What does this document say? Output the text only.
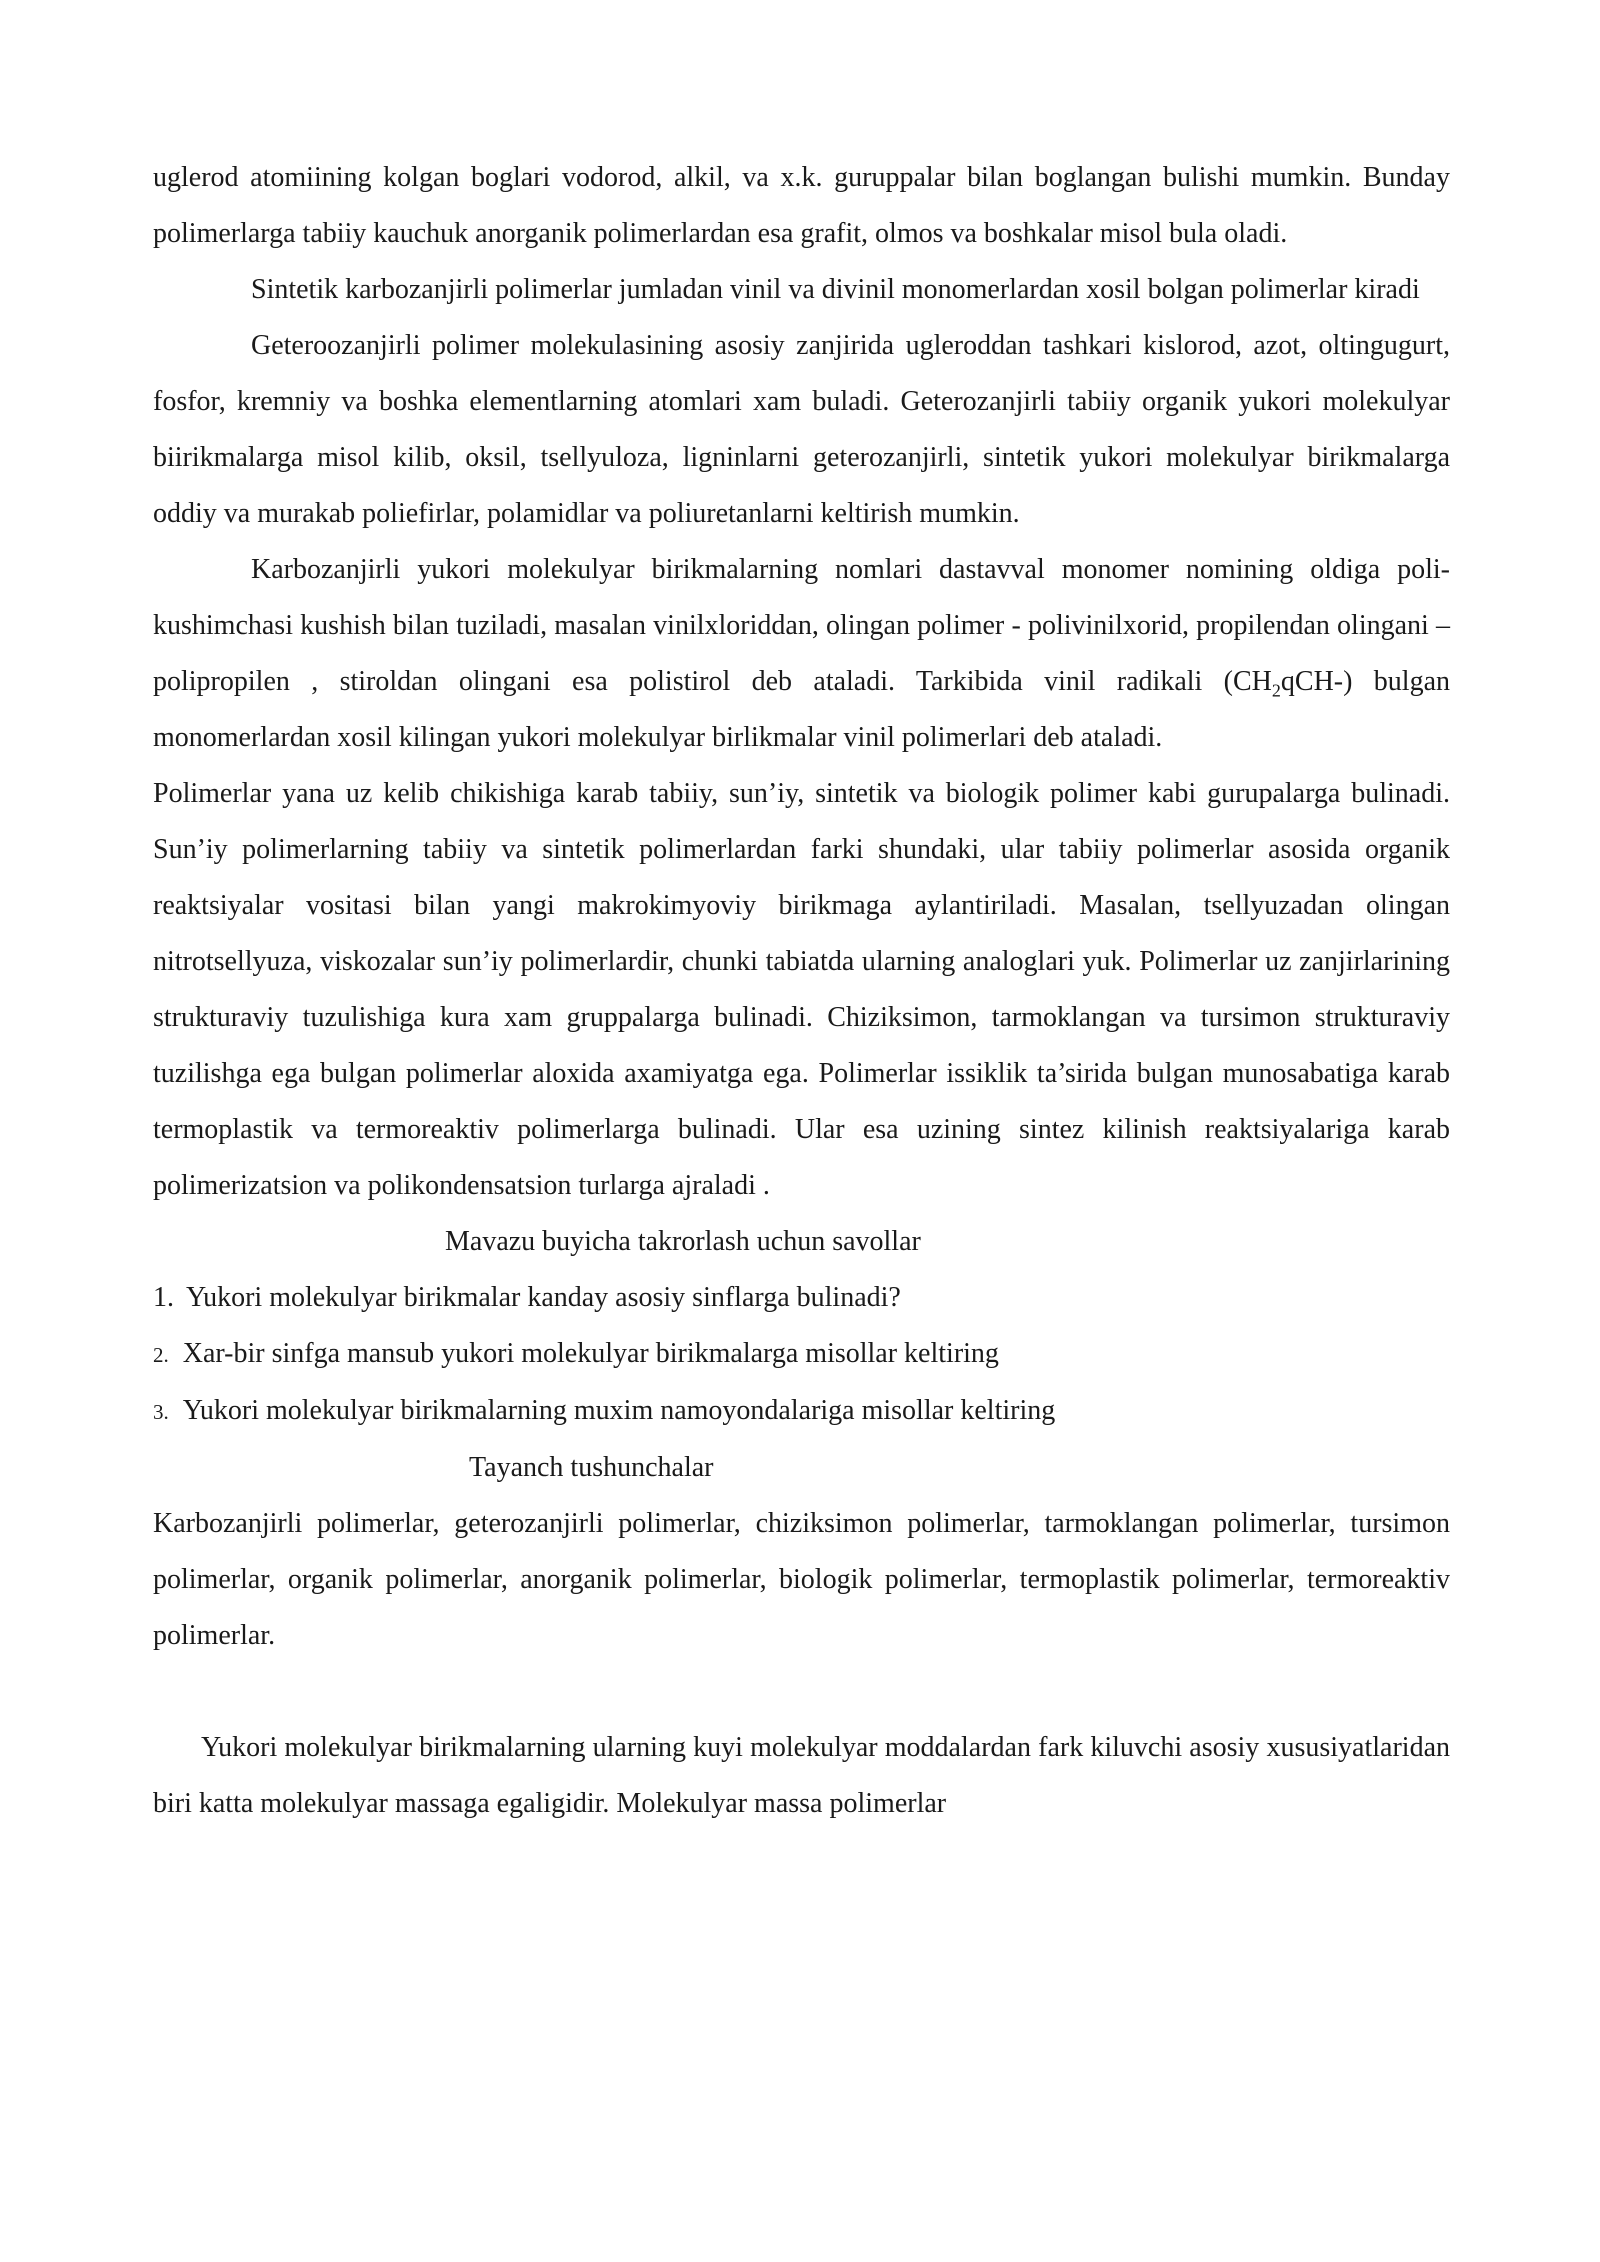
uglerod atomiining kolgan boglari vodorod, alkil, va x.k. guruppalar bilan boglangan bulishi mumkin. Bunday polimerlarga tabiiy kauchuk anorganik polimerlardan esa grafit, olmos va boshkalar misol bula oladi.

Sintetik karbozanjirli polimerlar jumladan vinil va divinil monomerlardan xosil bolgan polimerlar kiradi

Geteroozanjirli polimer molekulasining asosiy zanjirida ugleroddan tashkari kislorod, azot, oltingugurt, fosfor, kremniy va boshka elementlarning atomlari xam buladi. Geterozanjirli tabiiy organik yukori molekulyar biirikmalarga misol kilib, oksil, tsellyuloza, ligninlarni geterozanjirli, sintetik yukori molekulyar birikmalarga oddiy va murakab poliefirlar, polamidlar va poliuretanlarni keltirish mumkin.

Karbozanjirli yukori molekulyar birikmalarning nomlari dastavval monomer nomining oldiga poli- kushimchasi kushish bilan tuziladi, masalan vinilxloriddan, olingan polimer - polivinilxorid, propilendan olingani – polipropilen , stiroldan olingani esa polistirol deb ataladi. Tarkibida vinil radikali $(CH_2qCH-)$ bulgan monomerlardan xosil kilingan yukori molekulyar birlikmalar vinil polimerlari deb ataladi.

Polimerlar yana uz kelib chikishiga karab tabiiy, sun’iy, sintetik va biologik polimer kabi gurupalarga bulinadi. Sun’iy polimerlarning tabiiy va sintetik polimerlardan farki shundaki, ular tabiiy polimerlar asosida organik reaktsiyalar vositasi bilan yangi makrokimyoviy birikmaga aylantiriladi. Masalan, tsellyuzadan olingan nitrotsellyuza, viskozalar sun’iy polimerlardir, chunki tabiatda ularning analoglari yuk. Polimerlar uz zanjirlarining strukturaviy tuzulishiga kura xam gruppalarga bulinadi. Chiziksimon, tarmoklangan va tursimon strukturaviy tuzilishga ega bulgan polimerlar aloxida axamiyatga ega. Polimerlar issiklik ta’sirida bulgan munosabatiga karab termoplastik va termoreaktiv polimerlarga bulinadi. Ular esa uzining sintez kilinish reaktsiyalariga karab polimerizatsion va polikondensatsion turlarga ajraladi .

Mavazu buyicha takrorlash uchun savollar

1. Yukori molekulyar birikmalar kanday asosiy sinflarga bulinadi?

2. Xar-bir sinfga mansub yukori molekulyar birikmalarga misollar keltiring

3. Yukori molekulyar birikmalarning muxim namoyondalariga misollar keltiring

Tayanch tushunchalar

Karbozanjirli polimerlar, geterozanjirli polimerlar, chiziksimon polimerlar, tarmoklangan polimerlar, tursimon polimerlar, organik polimerlar, anorganik polimerlar, biologik polimerlar, termoplastik polimerlar, termoreaktiv polimerlar.

Yukori molekulyar birikmalarning ularning kuyi molekulyar moddalardan fark kiluvchi asosiy xususiyatlaridan biri katta molekulyar massaga egaligidir. Molekulyar massa polimerlar
